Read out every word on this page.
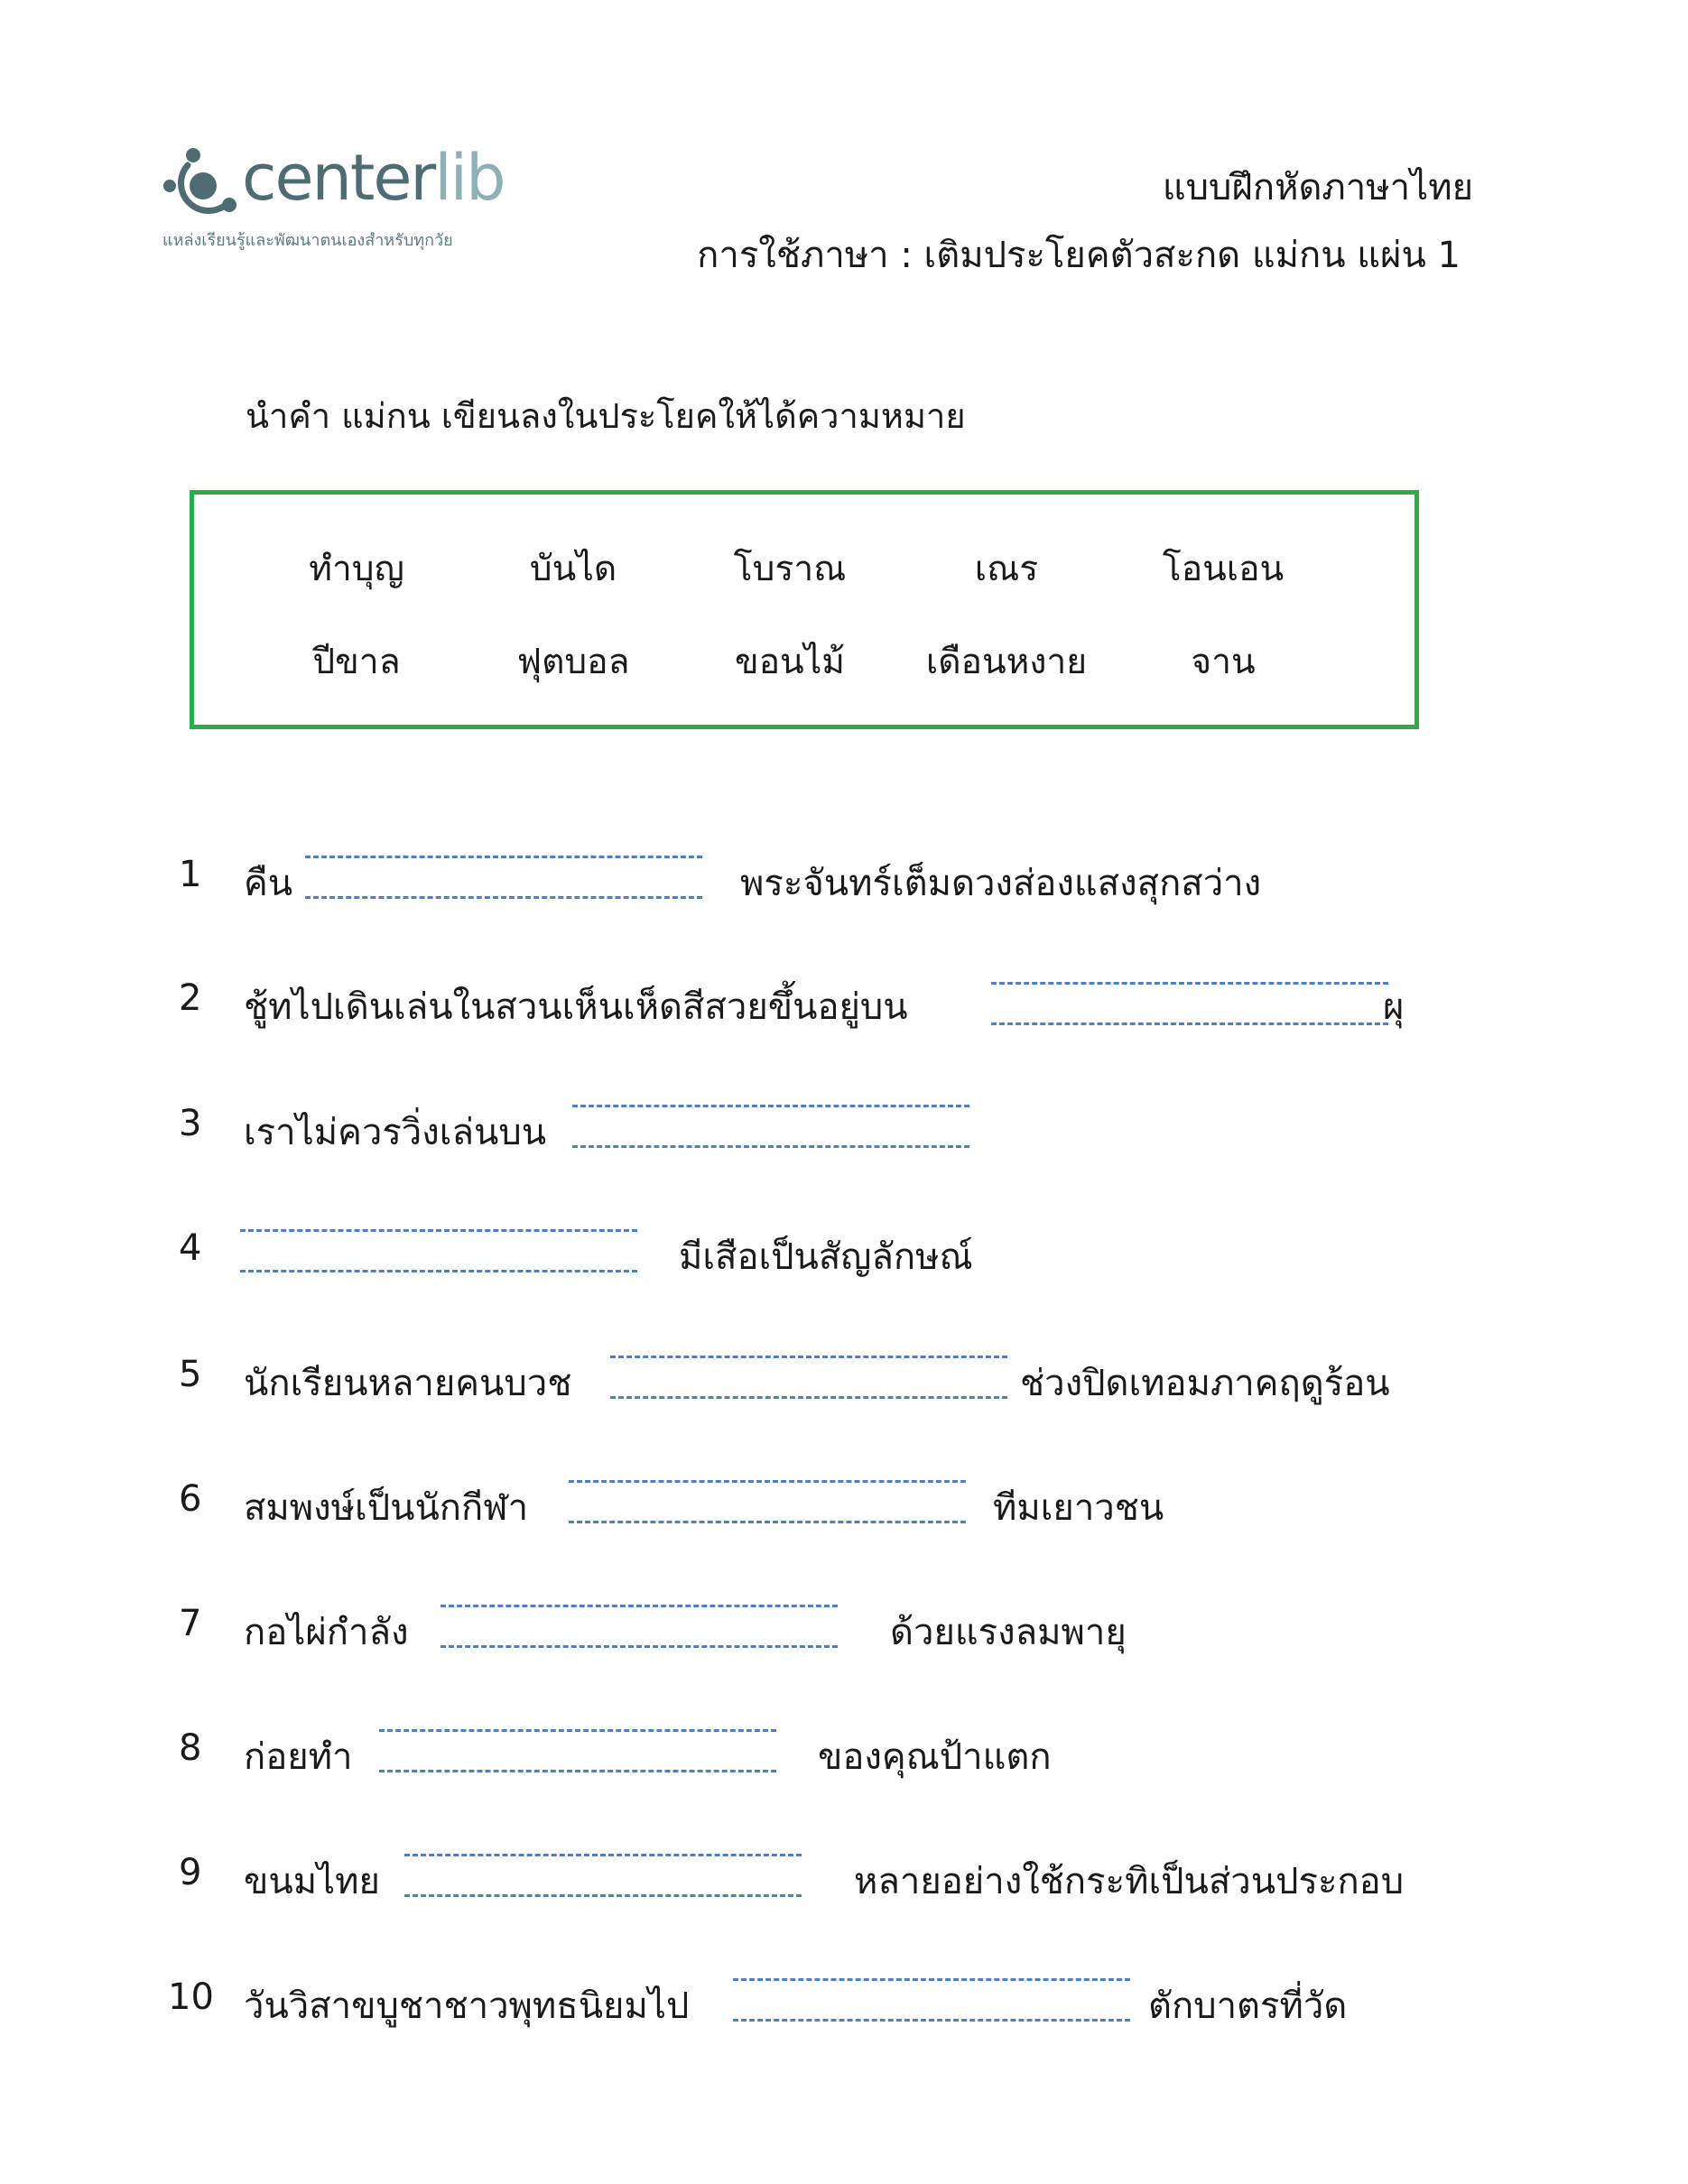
centerlib
แหล่งเรียนรู้และพัฒนาตนเองสำหรับทุกวัย
แบบฝึกหัดภาษาไทย
การใช้ภาษา : เติมประโยคตัวสะกด แม่กน แผ่น 1
นำคำ แม่กน เขียนลงในประโยคให้ได้ความหมาย
ทำบุญ	บันได	โบราณ	เณร	โอนเอน
ปีขาล	ฟุตบอล	ขอนไม้	เดือนหงาย	จาน
1 คืน	พระจันทร์เต็มดวงส่องแสงสุกสว่าง
2 ชู้ทไปเดินเล่นในสวนเห็นเห็ดสีสวยขึ้นอยู่บน	ผุ
3 เราไม่ควรวิ่งเล่นบน
4	มีเสือเป็นสัญลักษณ์
5 นักเรียนหลายคนบวช	ช่วงปิดเทอมภาคฤดูร้อน
6 สมพงษ์เป็นนักกีฬา	ทีมเยาวชน
7 กอไผ่กำลัง	ด้วยแรงลมพายุ
8 ก่อยทำ	ของคุณป้าแตก
9 ขนมไทย	หลายอย่างใช้กระทิเป็นส่วนประกอบ
10 วันวิสาขบูชาชาวพุทธนิยมไป	ตักบาตรที่วัด
